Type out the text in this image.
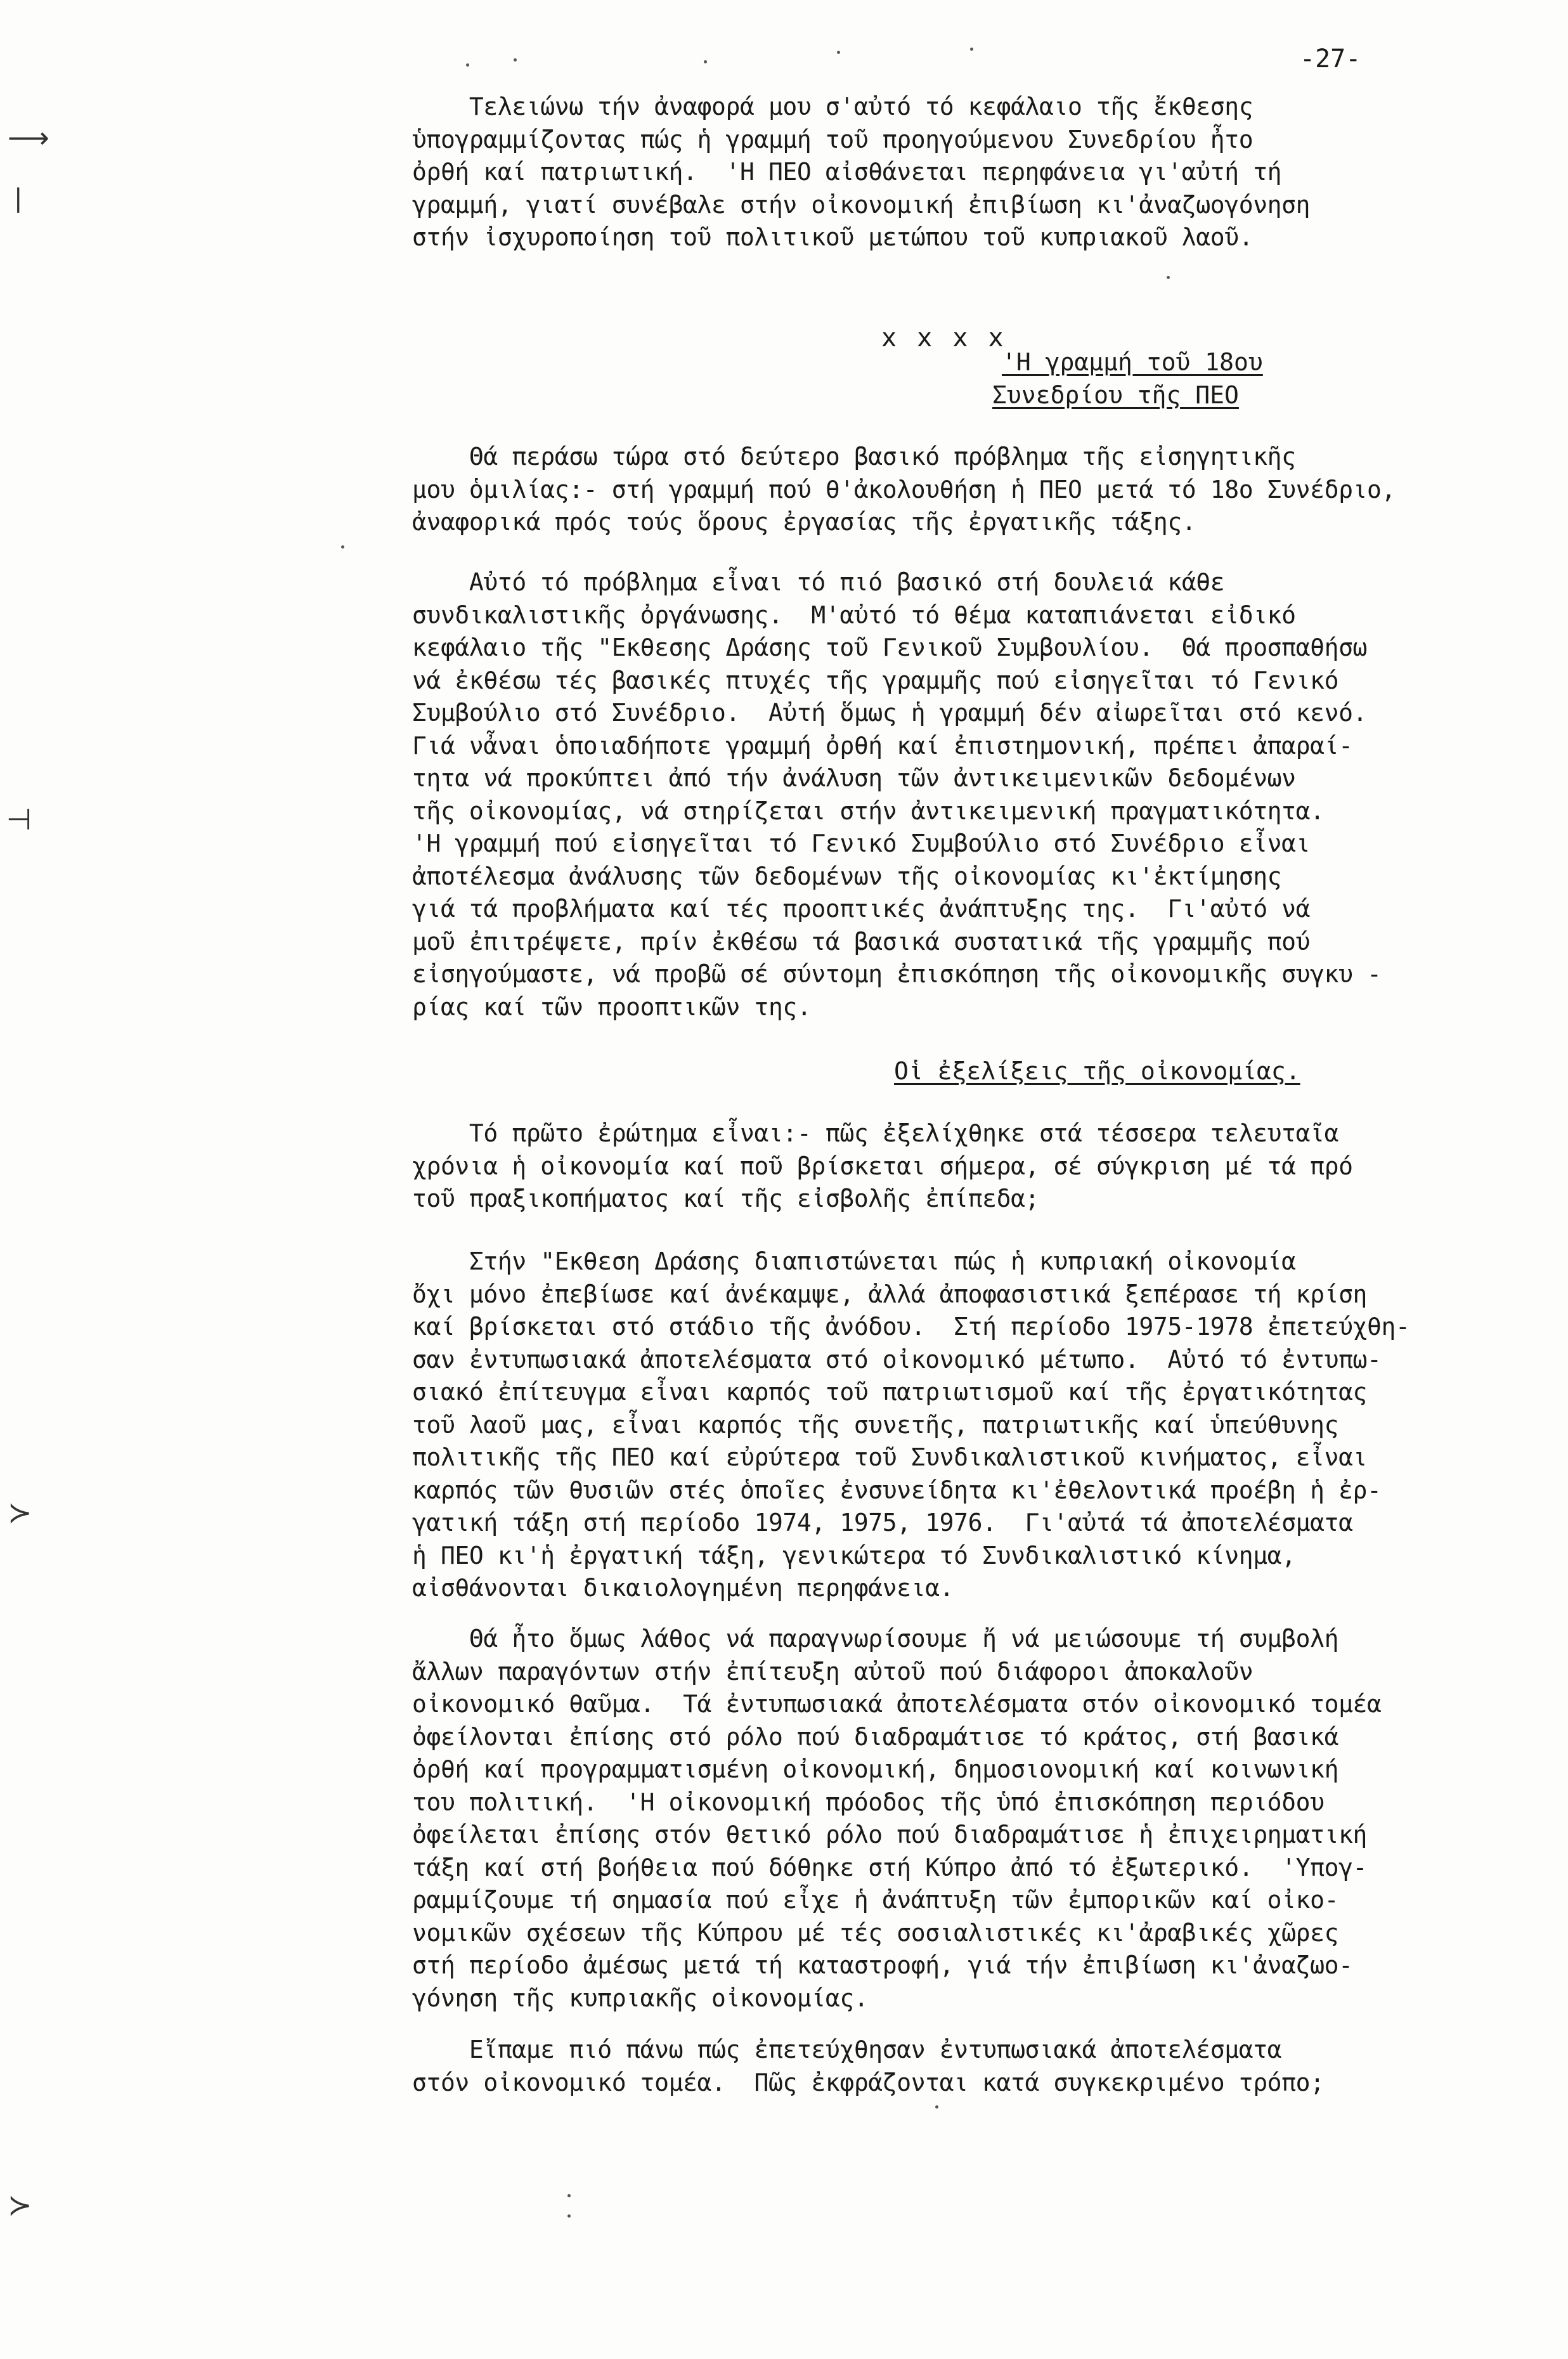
-27-

Τελειώνω τήν ἀναφορά μου σ'αὐτό τό κεφάλαιο τῆς ἔκθεσης
ὑπογραμμίζοντας πώς ἡ γραμμή τοῦ προηγούμενου Συνεδρίου ἦτο
ὀρθή καί πατριωτική.  'Η ΠΕΟ αἰσθάνεται περηφάνεια γι'αὐτή τή
γραμμή, γιατί συνέβαλε στήν οἰκονομική ἐπιβίωση κι'ἀναζωογόνηση
στήν ἰσχυροποίηση τοῦ πολιτικοῦ μετώπου τοῦ κυπριακοῦ λαοῦ.

x x x x
'Η γραμμή τοῦ 18ου
Συνεδρίου τῆς ΠΕΟ

Θά περάσω τώρα στό δεύτερο βασικό πρόβλημα τῆς εἰσηγητικῆς
μου ὁμιλίας:- στή γραμμή πού θ'ἀκολουθήση ἡ ΠΕΟ μετά τό 18ο Συνέδριο,
ἀναφορικά πρός τούς ὅρους ἐργασίας τῆς ἐργατικῆς τάξης.

Αὐτό τό πρόβλημα εἶναι τό πιό βασικό στή δουλειά κάθε
συνδικαλιστικῆς ὀργάνωσης.  Μ'αὐτό τό θέμα καταπιάνεται εἰδικό
κεφάλαιο τῆς "Εκθεσης Δράσης τοῦ Γενικοῦ Συμβουλίου.  Θά προσπαθήσω
νά ἐκθέσω τές βασικές πτυχές τῆς γραμμῆς πού εἰσηγεῖται τό Γενικό
Συμβούλιο στό Συνέδριο.  Αὐτή ὅμως ἡ γραμμή δέν αἰωρεῖται στό κενό.
Γιά νἆναι ὁποιαδήποτε γραμμή ὀρθή καί ἐπιστημονική, πρέπει ἀπαραί-
τητα νά προκύπτει ἀπό τήν ἀνάλυση τῶν ἀντικειμενικῶν δεδομένων
τῆς οἰκονομίας, νά στηρίζεται στήν ἀντικειμενική πραγματικότητα.
'Η γραμμή πού εἰσηγεῖται τό Γενικό Συμβούλιο στό Συνέδριο εἶναι
ἀποτέλεσμα ἀνάλυσης τῶν δεδομένων τῆς οἰκονομίας κι'ἐκτίμησης
γιά τά προβλήματα καί τές προοπτικές ἀνάπτυξης της.  Γι'αὐτό νά
μοῦ ἐπιτρέψετε, πρίν ἐκθέσω τά βασικά συστατικά τῆς γραμμῆς πού
εἰσηγούμαστε, νά προβῶ σέ σύντομη ἐπισκόπηση τῆς οἰκονομικῆς συγκυ -
ρίας καί τῶν προοπτικῶν της.

Οἱ ἐξελίξεις τῆς οἰκονομίας.

Τό πρῶτο ἐρώτημα εἶναι:- πῶς ἐξελίχθηκε στά τέσσερα τελευταῖα
χρόνια ἡ οἰκονομία καί ποῦ βρίσκεται σήμερα, σέ σύγκριση μέ τά πρό
τοῦ πραξικοπήματος καί τῆς εἰσβολῆς ἐπίπεδα;

Στήν "Εκθεση Δράσης διαπιστώνεται πώς ἡ κυπριακή οἰκονομία
ὄχι μόνο ἐπεβίωσε καί ἀνέκαμψε, ἀλλά ἀποφασιστικά ξεπέρασε τή κρίση
καί βρίσκεται στό στάδιο τῆς ἀνόδου.  Στή περίοδο 1975-1978 ἐπετεύχθη-
σαν ἐντυπωσιακά ἀποτελέσματα στό οἰκονομικό μέτωπο.  Αὐτό τό ἐντυπω-
σιακό ἐπίτευγμα εἶναι καρπός τοῦ πατριωτισμοῦ καί τῆς ἐργατικότητας
τοῦ λαοῦ μας, εἶναι καρπός τῆς συνετῆς, πατριωτικῆς καί ὑπεύθυνης
πολιτικῆς τῆς ΠΕΟ καί εὐρύτερα τοῦ Συνδικαλιστικοῦ κινήματος, εἶναι
καρπός τῶν θυσιῶν στές ὁποῖες ἐνσυνείδητα κι'ἐθελοντικά προέβη ἡ ἐρ-
γατική τάξη στή περίοδο 1974, 1975, 1976.  Γι'αὐτά τά ἀποτελέσματα
ἡ ΠΕΟ κι'ἡ ἐργατική τάξη, γενικώτερα τό Συνδικαλιστικό κίνημα,
αἰσθάνονται δικαιολογημένη περηφάνεια.

Θά ἦτο ὅμως λάθος νά παραγνωρίσουμε ἤ νά μειώσουμε τή συμβολή
ἄλλων παραγόντων στήν ἐπίτευξη αὐτοῦ πού διάφοροι ἀποκαλοῦν
οἰκονομικό θαῦμα.  Τά ἐντυπωσιακά ἀποτελέσματα στόν οἰκονομικό τομέα
ὀφείλονται ἐπίσης στό ρόλο πού διαδραμάτισε τό κράτος, στή βασικά
ὀρθή καί προγραμματισμένη οἰκονομική, δημοσιονομική καί κοινωνική
του πολιτική.  'Η οἰκονομική πρόοδος τῆς ὑπό ἐπισκόπηση περιόδου
ὀφείλεται ἐπίσης στόν θετικό ρόλο πού διαδραμάτισε ἡ ἐπιχειρηματική
τάξη καί στή βοήθεια πού δόθηκε στή Κύπρο ἀπό τό ἐξωτερικό.  'Υπογ-
ραμμίζουμε τή σημασία πού εἶχε ἡ ἀνάπτυξη τῶν ἐμπορικῶν καί οἰκο-
νομικῶν σχέσεων τῆς Κύπρου μέ τές σοσιαλιστικές κι'ἀραβικές χῶρες
στή περίοδο ἀμέσως μετά τή καταστροφή, γιά τήν ἐπιβίωση κι'ἀναζωο-
γόνηση τῆς κυπριακῆς οἰκονομίας.

Εἴπαμε πιό πάνω πώς ἐπετεύχθησαν ἐντυπωσιακά ἀποτελέσματα
στόν οἰκονομικό τομέα.  Πῶς ἐκφράζονται κατά συγκεκριμένο τρόπο;

⟶
|
⊣
≻
≻
